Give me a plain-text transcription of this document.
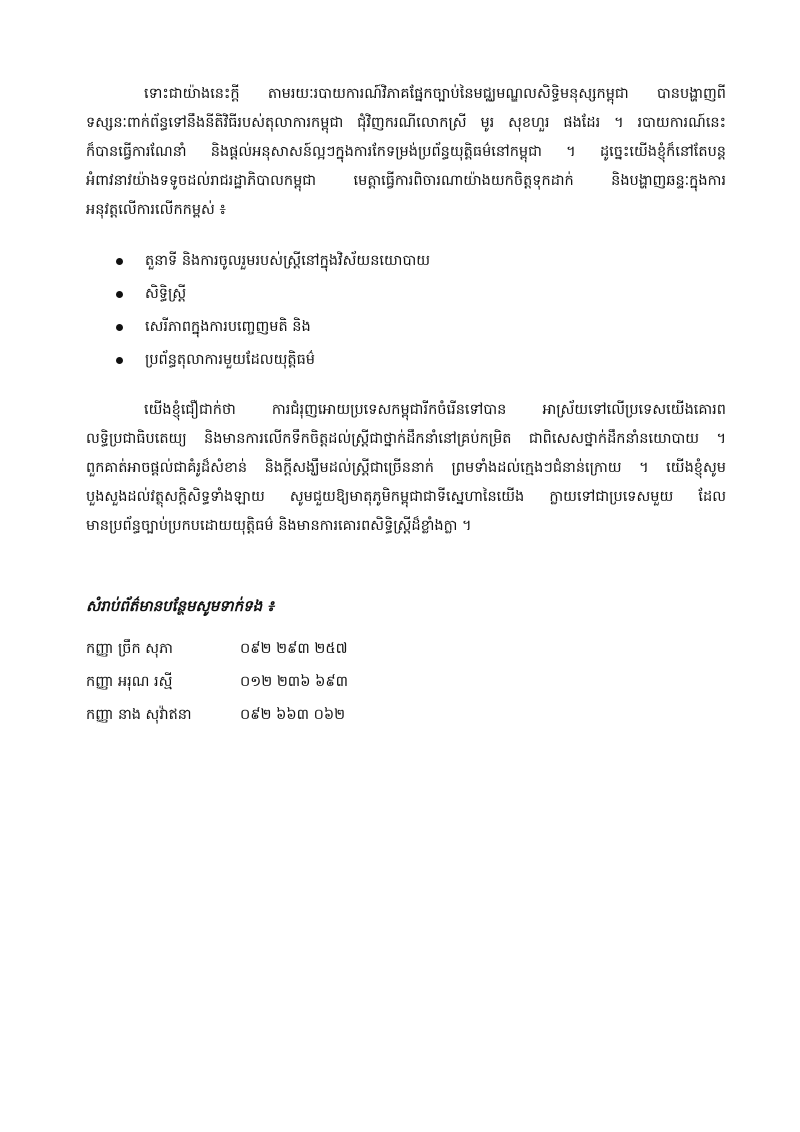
ទោះជាយ៉ាងនេះក្តី តាមរយៈរបាយការណ៍វិភាគផ្នែកច្បាប់នៃមជ្ឈមណ្ឌលសិទ្ធិមនុស្សកម្ពុជា បានបង្ហាញពី
ទស្សនៈពាក់ព័ន្ធទៅនឹងនីតិវិធីរបស់តុលាការកម្ពុជា ជុំវិញករណីលោកស្រី មូរ សុខហួរ ផងដែរ ។ របាយការណ៍នេះ
ក៏បានធ្វើការណែនាំ និងផ្តល់អនុសាសន៍ល្អៗក្នុងការកែទម្រង់ប្រព័ន្ធយុត្តិធម៌នៅកម្ពុជា ។ ដូច្នេះយើងខ្ញុំក៏នៅតែបន្ត
អំពាវនាវយ៉ាងទទូចដល់រាជរដ្ឋាភិបាលកម្ពុជា មេត្តាធ្វើការពិចារណាយ៉ាងយកចិត្តទុកដាក់ និងបង្ហាញឆន្ទៈក្នុងការ
អនុវត្តលើការលើកកម្ពស់ ៖
តួនាទី និងការចូលរួមរបស់ស្ត្រីនៅក្នុងវិស័យនយោបាយ
សិទ្ធិស្ត្រី
សេរីភាពក្នុងការបញ្ចេញមតិ និង
ប្រព័ន្ធតុលាការមួយដែលយុត្តិធម៌
យើងខ្ញុំជឿជាក់ថា ការជំរុញអោយប្រទេសកម្ពុជារីកចំរើនទៅបាន អាស្រ័យទៅលើប្រទេសយើងគោរព
លទ្ធិប្រជាធិបតេយ្យ និងមានការលើកទឹកចិត្តដល់ស្ត្រីជាថ្នាក់ដឹកនាំនៅគ្រប់កម្រិត ជាពិសេសថ្នាក់ដឹកនាំនយោបាយ ។
ពួកគាត់អាចផ្តល់ជាគំរូដ៏សំខាន់ និងក្តីសង្ឃឹមដល់ស្ត្រីជាច្រើននាក់ ព្រមទាំងដល់ក្មេងៗជំនាន់ក្រោយ ។ យើងខ្ញុំសូម
បួងសួងដល់វត្ថុសក្តិសិទ្ធទាំងឡាយ សូមជួយឱ្យមាតុភូមិកម្ពុជាជាទីស្នេហានៃយើង ក្លាយទៅជាប្រទេសមួយ ដែល
មានប្រព័ន្ធច្បាប់ប្រកបដោយយុត្តិធម៌ និងមានការគោរពសិទ្ធិស្ត្រីដ៏ខ្លាំងក្លា ។
សំរាប់ព័ត៌មានបន្ថែមសូមទាក់ទង ៖
កញ្ញា ច្រឹក សុភា	០៩២ ២៩៣ ២៥៧
កញ្ញា អរុណ រស្មី	០១២ ២៣៦ ៦៩៣
កញ្ញា នាង សុវ៉ាឥនា	០៩២ ៦៦៣ ០៦២
